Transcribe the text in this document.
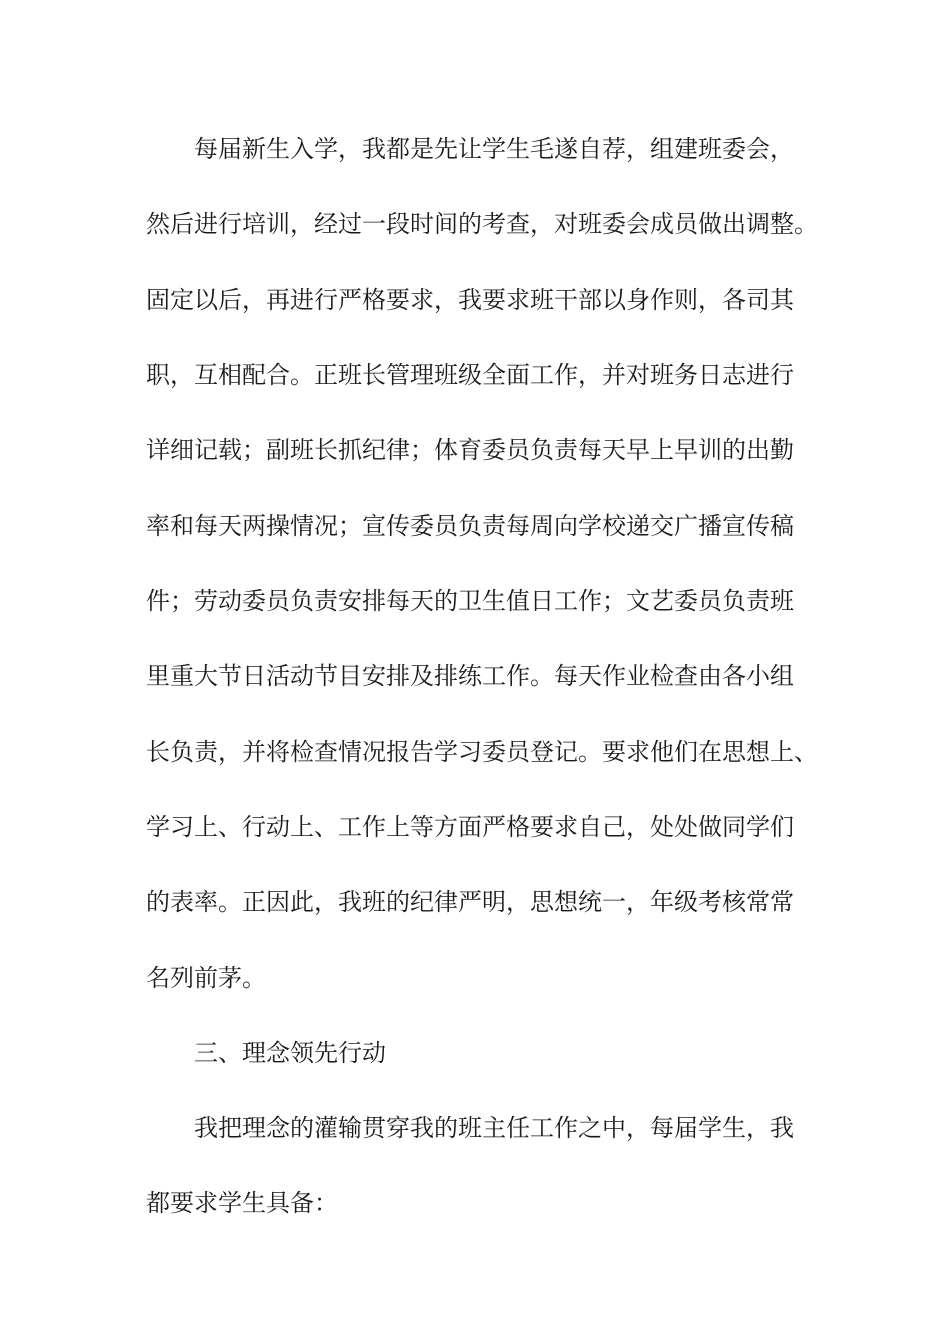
每届新生入学，我都是先让学生毛遂自荐，组建班委会，
然后进行培训，经过一段时间的考查，对班委会成员做出调整。
固定以后，再进行严格要求，我要求班干部以身作则，各司其
职，互相配合。正班长管理班级全面工作，并对班务日志进行
详细记载；副班长抓纪律；体育委员负责每天早上早训的出勤
率和每天两操情况；宣传委员负责每周向学校递交广播宣传稿
件；劳动委员负责安排每天的卫生值日工作；文艺委员负责班
里重大节日活动节目安排及排练工作。每天作业检查由各小组
长负责，并将检查情况报告学习委员登记。要求他们在思想上、
学习上、行动上、工作上等方面严格要求自己，处处做同学们
的表率。正因此，我班的纪律严明，思想统一，年级考核常常
名列前茅。
三、理念领先行动
我把理念的灌输贯穿我的班主任工作之中，每届学生，我
都要求学生具备：
